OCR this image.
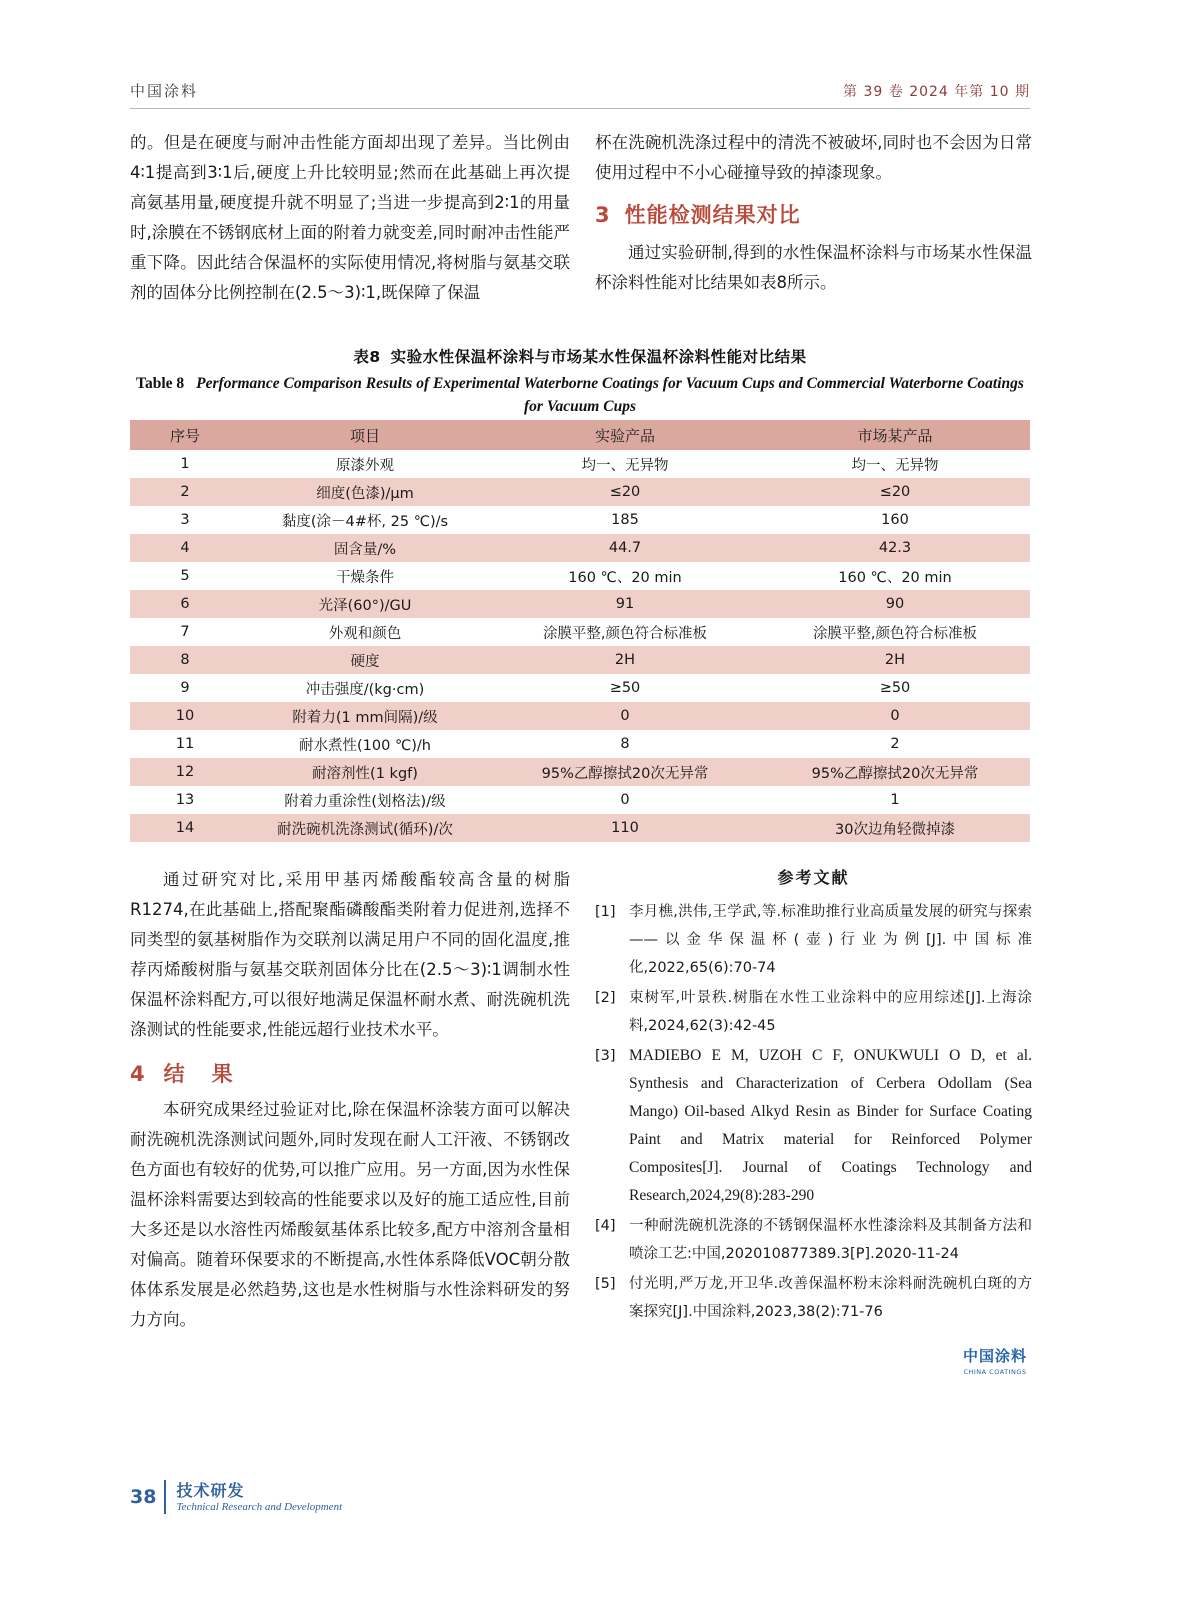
中国涂料	第 39 卷 2024 年第 10 期

的。但是在硬度与耐冲击性能方面却出现了差异。当比例由4∶1提高到3∶1后,硬度上升比较明显;然而在此基础上再次提高氨基用量,硬度提升就不明显了;当进一步提高到2∶1的用量时,涂膜在不锈钢底材上面的附着力就变差,同时耐冲击性能严重下降。因此结合保温杯的实际使用情况,将树脂与氨基交联剂的固体分比例控制在(2.5～3)∶1,既保障了保温

杯在洗碗机洗涤过程中的清洗不被破坏,同时也不会因为日常使用过程中不小心碰撞导致的掉漆现象。

3 性能检测结果对比

通过实验研制,得到的水性保温杯涂料与市场某水性保温杯涂料性能对比结果如表8所示。

表8 实验水性保温杯涂料与市场某水性保温杯涂料性能对比结果
Table 8 Performance Comparison Results of Experimental Waterborne Coatings for Vacuum Cups and Commercial Waterborne Coatings for Vacuum Cups
序号	项目	实验产品	市场某产品
1	原漆外观	均一、无异物	均一、无异物
2	细度(色漆)/μm	≤20	≤20
3	黏度(涂－4#杯, 25 ℃)/s	185	160
4	固含量/%	44.7	42.3
5	干燥条件	160 ℃、20 min	160 ℃、20 min
6	光泽(60°)/GU	91	90
7	外观和颜色	涂膜平整,颜色符合标准板	涂膜平整,颜色符合标准板
8	硬度	2H	2H
9	冲击强度/(kg·cm)	≥50	≥50
10	附着力(1 mm间隔)/级	0	0
11	耐水煮性(100 ℃)/h	8	2
12	耐溶剂性(1 kgf)	95%乙醇擦拭20次无异常	95%乙醇擦拭20次无异常
13	附着力重涂性(划格法)/级	0	1
14	耐洗碗机洗涤测试(循环)/次	110	30次边角轻微掉漆

通过研究对比,采用甲基丙烯酸酯较高含量的树脂R1274,在此基础上,搭配聚酯磷酸酯类附着力促进剂,选择不同类型的氨基树脂作为交联剂以满足用户不同的固化温度,推荐丙烯酸树脂与氨基交联剂固体分比在(2.5～3)∶1调制水性保温杯涂料配方,可以很好地满足保温杯耐水煮、耐洗碗机洗涤测试的性能要求,性能远超行业技术水平。

4 结　果

本研究成果经过验证对比,除在保温杯涂装方面可以解决耐洗碗机洗涤测试问题外,同时发现在耐人工汗液、不锈钢改色方面也有较好的优势,可以推广应用。另一方面,因为水性保温杯涂料需要达到较高的性能要求以及好的施工适应性,目前大多还是以水溶性丙烯酸氨基体系比较多,配方中溶剂含量相对偏高。随着环保要求的不断提高,水性体系降低VOC朝分散体体系发展是必然趋势,这也是水性树脂与水性涂料研发的努力方向。

参考文献
[1] 李月樵,洪伟,王学武,等.标准助推行业高质量发展的研究与探索——以金华保温杯(壶)行业为例[J].中国标准化,2022,65(6):70-74
[2] 束树军,叶景秩.树脂在水性工业涂料中的应用综述[J].上海涂料,2024,62(3):42-45
[3] MADIEBO E M, UZOH C F, ONUKWULI O D, et al. Synthesis and Characterization of Cerbera Odollam (Sea Mango) Oil-based Alkyd Resin as Binder for Surface Coating Paint and Matrix material for Reinforced Polymer Composites[J]. Journal of Coatings Technology and Research,2024,29(8):283-290
[4] 一种耐洗碗机洗涤的不锈钢保温杯水性漆涂料及其制备方法和喷涂工艺:中国,202010877389.3[P].2020-11-24
[5] 付光明,严万龙,开卫华.改善保温杯粉末涂料耐洗碗机白斑的方案探究[J].中国涂料,2023,38(2):71-76
中国涂料
CHINA COATINGS
38 技术研发
Technical Research and Development
